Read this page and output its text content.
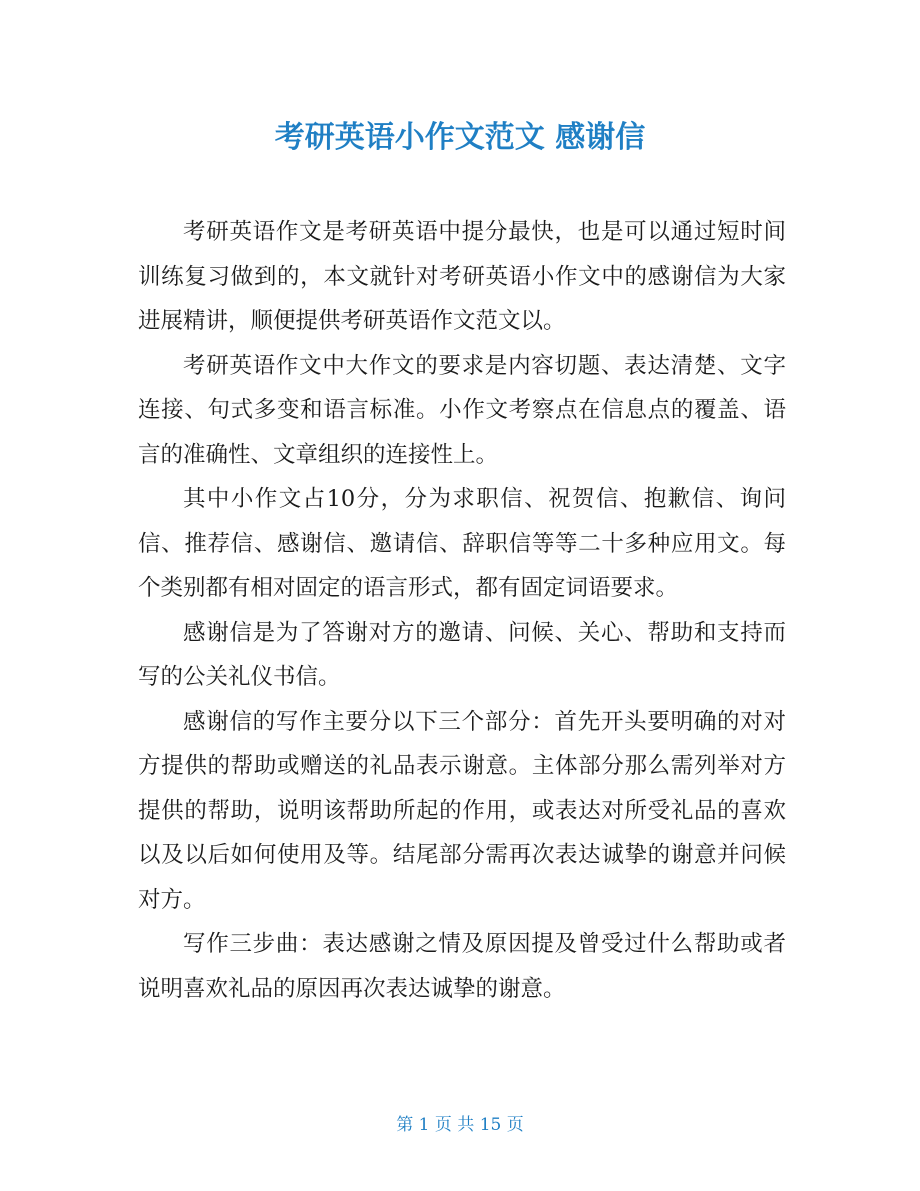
考研英语小作文范文 感谢信

考研英语作文是考研英语中提分最快，也是可以通过短时间训练复习做到的，本文就针对考研英语小作文中的感谢信为大家进展精讲，顺便提供考研英语作文范文以。

考研英语作文中大作文的要求是内容切题、表达清楚、文字连接、句式多变和语言标准。小作文考察点在信息点的覆盖、语言的准确性、文章组织的连接性上。

其中小作文占10分，分为求职信、祝贺信、抱歉信、询问信、推荐信、感谢信、邀请信、辞职信等等二十多种应用文。每个类别都有相对固定的语言形式，都有固定词语要求。

感谢信是为了答谢对方的邀请、问候、关心、帮助和支持而写的公关礼仪书信。

感谢信的写作主要分以下三个部分：首先开头要明确的对对方提供的帮助或赠送的礼品表示谢意。主体部分那么需列举对方提供的帮助，说明该帮助所起的作用，或表达对所受礼品的喜欢以及以后如何使用及等。结尾部分需再次表达诚挚的谢意并问候对方。

写作三步曲：表达感谢之情及原因提及曾受过什么帮助或者说明喜欢礼品的原因再次表达诚挚的谢意。

第 1 页 共 15 页
